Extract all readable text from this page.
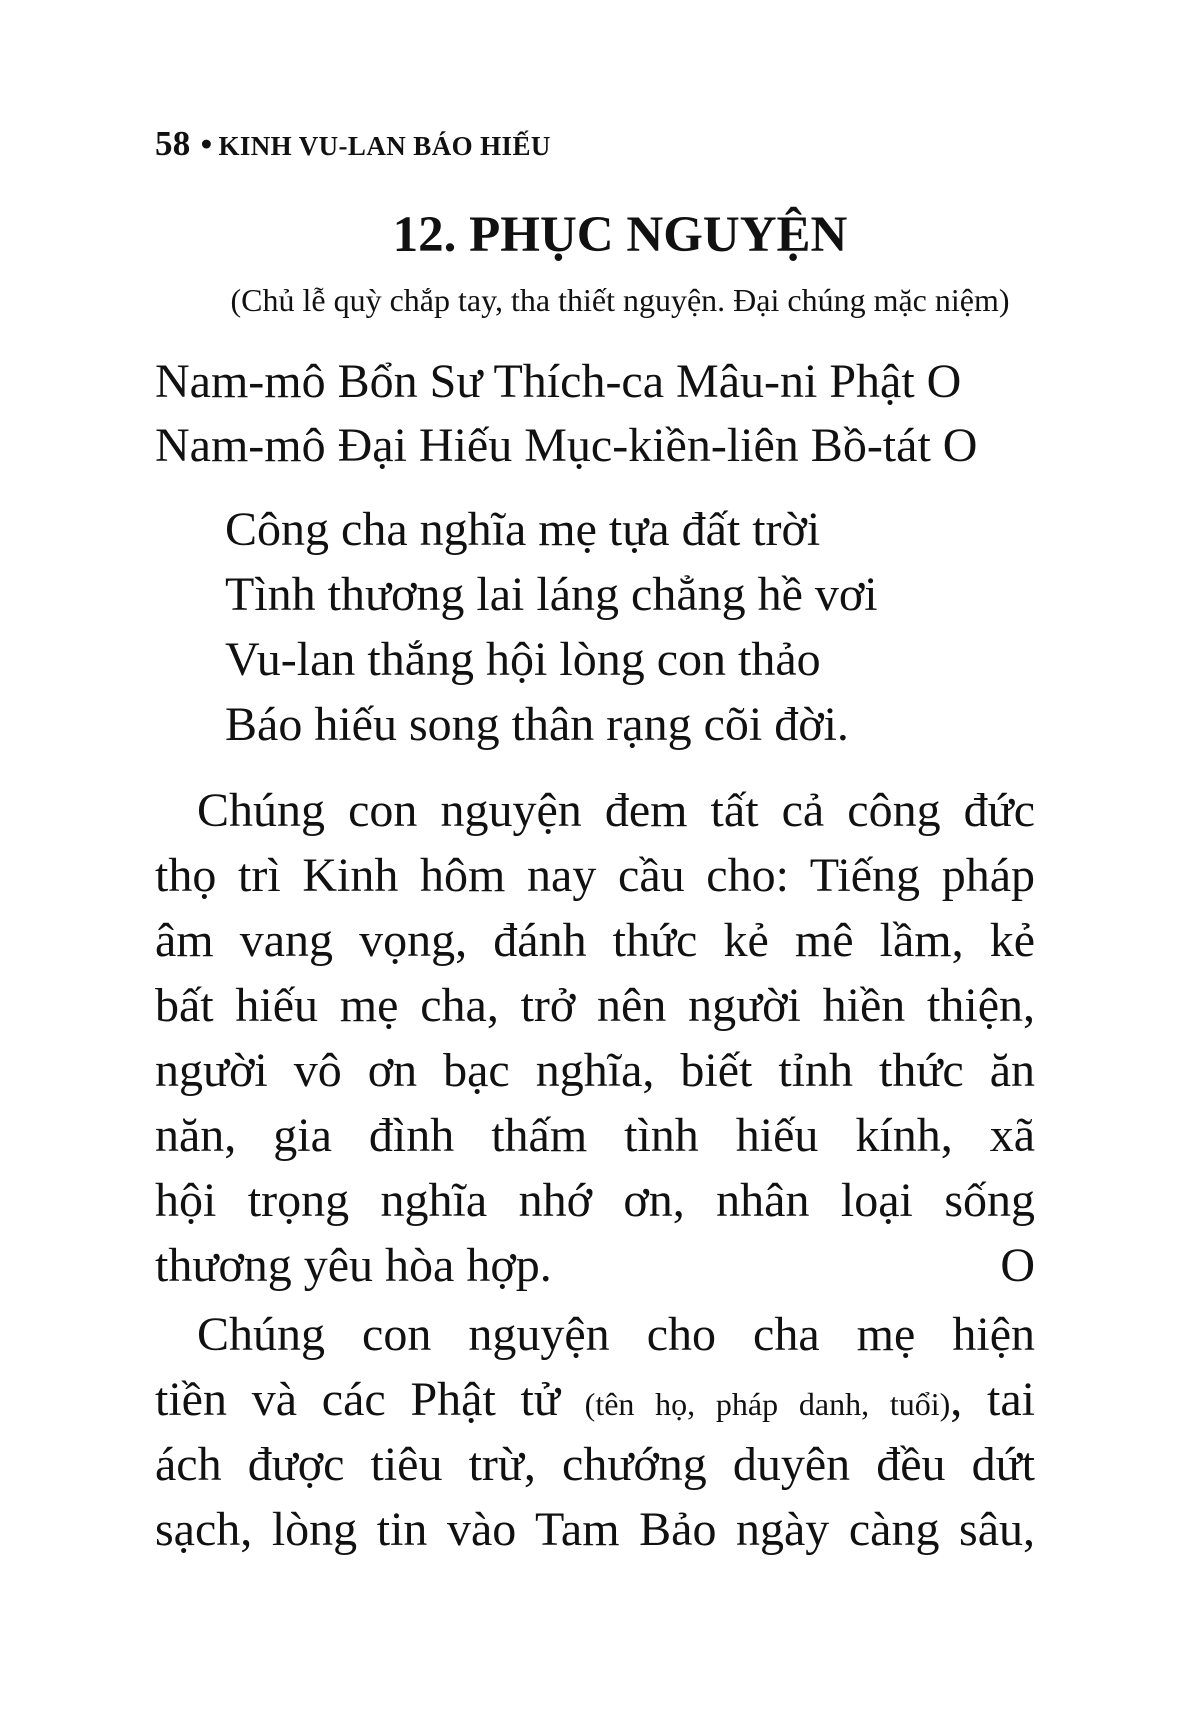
58 • KINH VU-LAN BÁO HIẾU
12. PHỤC NGUYỆN
(Chủ lễ quỳ chắp tay, tha thiết nguyện. Đại chúng mặc niệm)
Nam-mô Bổn Sư Thích-ca Mâu-ni Phật O
Nam-mô Đại Hiếu Mục-kiền-liên Bồ-tát O
Công cha nghĩa mẹ tựa đất trời
Tình thương lai láng chẳng hề vơi
Vu-lan thắng hội lòng con thảo
Báo hiếu song thân rạng cõi đời.
Chúng con nguyện đem tất cả công đức
thọ trì Kinh hôm nay cầu cho: Tiếng pháp
âm vang vọng, đánh thức kẻ mê lầm, kẻ
bất hiếu mẹ cha, trở nên người hiền thiện,
người vô ơn bạc nghĩa, biết tỉnh thức ăn
năn, gia đình thấm tình hiếu kính, xã
hội trọng nghĩa nhớ ơn, nhân loại sống
thương yêu hòa hợp.	O
Chúng con nguyện cho cha mẹ hiện
tiền và các Phật tử (tên họ, pháp danh, tuổi), tai
ách được tiêu trừ, chướng duyên đều dứt
sạch, lòng tin vào Tam Bảo ngày càng sâu,
